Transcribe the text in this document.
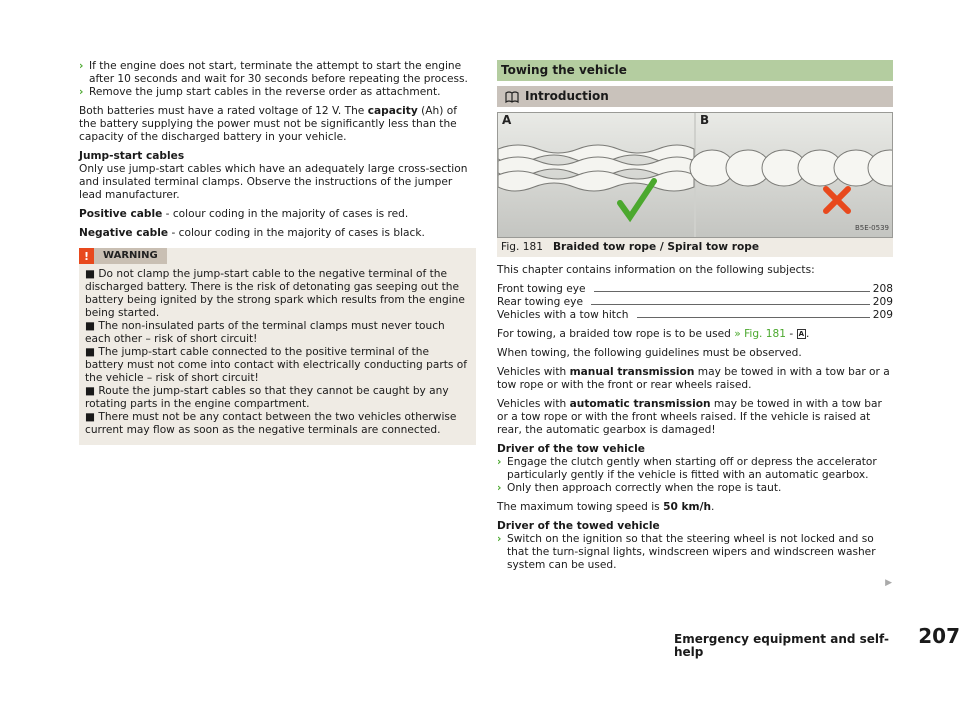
› If the engine does not start, terminate the attempt to start the engine after 10 seconds and wait for 30 seconds before repeating the process.

› Remove the jump start cables in the reverse order as attachment.

Both batteries must have a rated voltage of 12 V. The capacity (Ah) of the battery supplying the power must not be significantly less than the capacity of the discharged battery in your vehicle.

Jump-start cables
Only use jump-start cables which have an adequately large cross-section and insulated terminal clamps. Observe the instructions of the jumper lead manufacturer.

Positive cable - colour coding in the majority of cases is red.

Negative cable - colour coding in the majority of cases is black.

!	WARNING

■ Do not clamp the jump-start cable to the negative terminal of the discharged battery. There is the risk of detonating gas seeping out the battery being ignited by the strong spark which results from the engine being started.

■ The non-insulated parts of the terminal clamps must never touch each other – risk of short circuit!

■ The jump-start cable connected to the positive terminal of the battery must not come into contact with electrically conducting parts of the vehicle – risk of short circuit!

■ Route the jump-start cables so that they cannot be caught by any rotating parts in the engine compartment.

■ There must not be any contact between the two vehicles otherwise current may flow as soon as the negative terminals are connected.

Towing the vehicle
Introduction
A	B
B5E-0539
Fig. 181 Braided tow rope / Spiral tow rope

This chapter contains information on the following subjects:

Front towing eye	208
Rear towing eye	209
Vehicles with a tow hitch	209

For towing, a braided tow rope is to be used » Fig. 181 - A .

When towing, the following guidelines must be observed.

Vehicles with manual transmission may be towed in with a tow bar or a tow rope or with the front or rear wheels raised.

Vehicles with automatic transmission may be towed in with a tow bar or a tow rope or with the front wheels raised. If the vehicle is raised at rear, the automatic gearbox is damaged!

Driver of the tow vehicle

› Engage the clutch gently when starting off or depress the accelerator particularly gently if the vehicle is fitted with an automatic gearbox.

› Only then approach correctly when the rope is taut.

The maximum towing speed is 50 km/h.

Driver of the towed vehicle

› Switch on the ignition so that the steering wheel is not locked and so that the turn-signal lights, windscreen wipers and windscreen washer system can be used.

▶
Emergency equipment and self-help
207
